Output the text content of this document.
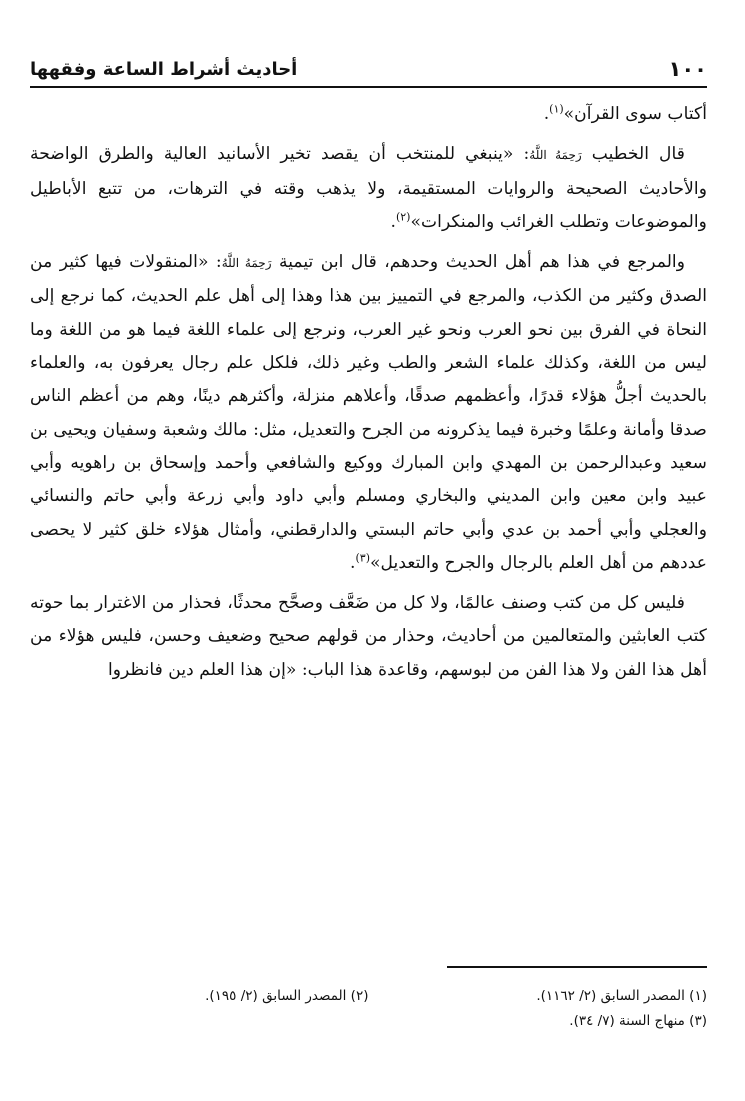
١٠٠
أحاديث أشراط الساعة وفقهها

أكتاب سوى القرآن»$^{(١)}$.

قال الخطيب رَحِمَهُ اللَّهُ: «ينبغي للمنتخب أن يقصد تخير الأسانيد العالية والطرق الواضحة والأحاديث الصحيحة والروايات المستقيمة، ولا يذهب وقته في الترهات، من تتبع الأباطيل والموضوعات وتطلب الغرائب والمنكرات»$^{(٢)}$.

والمرجع في هذا هم أهل الحديث وحدهم، قال ابن تيمية رَحِمَهُ اللَّهُ: «المنقولات فيها كثير من الصدق وكثير من الكذب، والمرجع في التمييز بين هذا وهذا إلى أهل علم الحديث، كما نرجع إلى النحاة في الفرق بين نحو العرب ونحو غير العرب، ونرجع إلى علماء اللغة فيما هو من اللغة وما ليس من اللغة، وكذلك علماء الشعر والطب وغير ذلك، فلكل علم رجال يعرفون به، والعلماء بالحديث أجلُّ هؤلاء قدرًا، وأعظمهم صدقًا، وأعلاهم منزلة، وأكثرهم دينًا، وهم من أعظم الناس صدقا وأمانة وعلمًا وخبرة فيما يذكرونه من الجرح والتعديل، مثل: مالك وشعبة وسفيان ويحيى بن سعيد وعبدالرحمن بن المهدي وابن المبارك ووكيع والشافعي وأحمد وإسحاق بن راهويه وأبي عبيد وابن معين وابن المديني والبخاري ومسلم وأبي داود وأبي زرعة وأبي حاتم والنسائي والعجلي وأبي أحمد بن عدي وأبي حاتم البستي والدارقطني، وأمثال هؤلاء خلق كثير لا يحصى عددهم من أهل العلم بالرجال والجرح والتعديل»$^{(٣)}$.

فليس كل من كتب وصنف عالمًا، ولا كل من ضَعَّف وصحَّح محدثًا، فحذار من الاغترار بما حوته كتب العابثين والمتعالمين من أحاديث، وحذار من قولهم صحيح وضعيف وحسن، فليس هؤلاء من أهل هذا الفن ولا هذا الفن من لبوسهم، وقاعدة هذا الباب: «إن هذا العلم دين فانظروا

(١) المصدر السابق (٢/ ١١٦٢).
(٢) المصدر السابق (٢/ ١٩٥).
(٣) منهاج السنة (٧/ ٣٤).
